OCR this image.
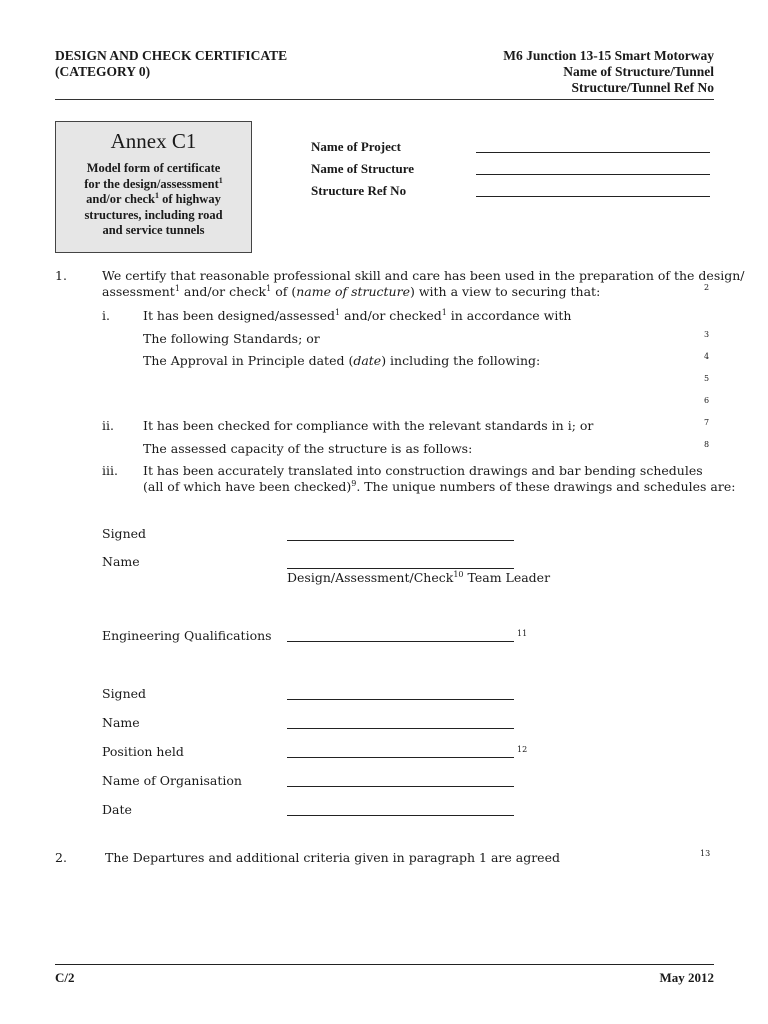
DESIGN AND CHECK CERTIFICATE
(CATEGORY 0)
M6 Junction 13-15 Smart Motorway
Name of Structure/Tunnel
Structure/Tunnel Ref No
Annex C1
Model form of certificate
for the design/assessment$^1$
and/or check$^1$ of highway
structures, including road
and service tunnels
Name of Project
Name of Structure
Structure Ref No
1.	We certify that reasonable professional skill and care has been used in the preparation of the design/
assessment$^1$ and/or check$^1$ of (name of structure) with a view to securing that:	2
i.	It has been designed/assessed$^1$ and/or checked$^1$ in accordance with
The following Standards; or	3
The Approval in Principle dated (date) including the following:	4
5
6
ii. It has been checked for compliance with the relevant standards in i; or	7
The assessed capacity of the structure is as follows:	8
iii. It has been accurately translated into construction drawings and bar bending schedules
(all of which have been checked)$^9$. The unique numbers of these drawings and schedules are:
Signed
Name
Design/Assessment/Check$^{10}$ Team Leader
Engineering Qualifications	11
Signed
Name
Position held	12
Name of Organisation
Date
2.	The Departures and additional criteria given in paragraph 1 are agreed	13
C/2	May 2012
